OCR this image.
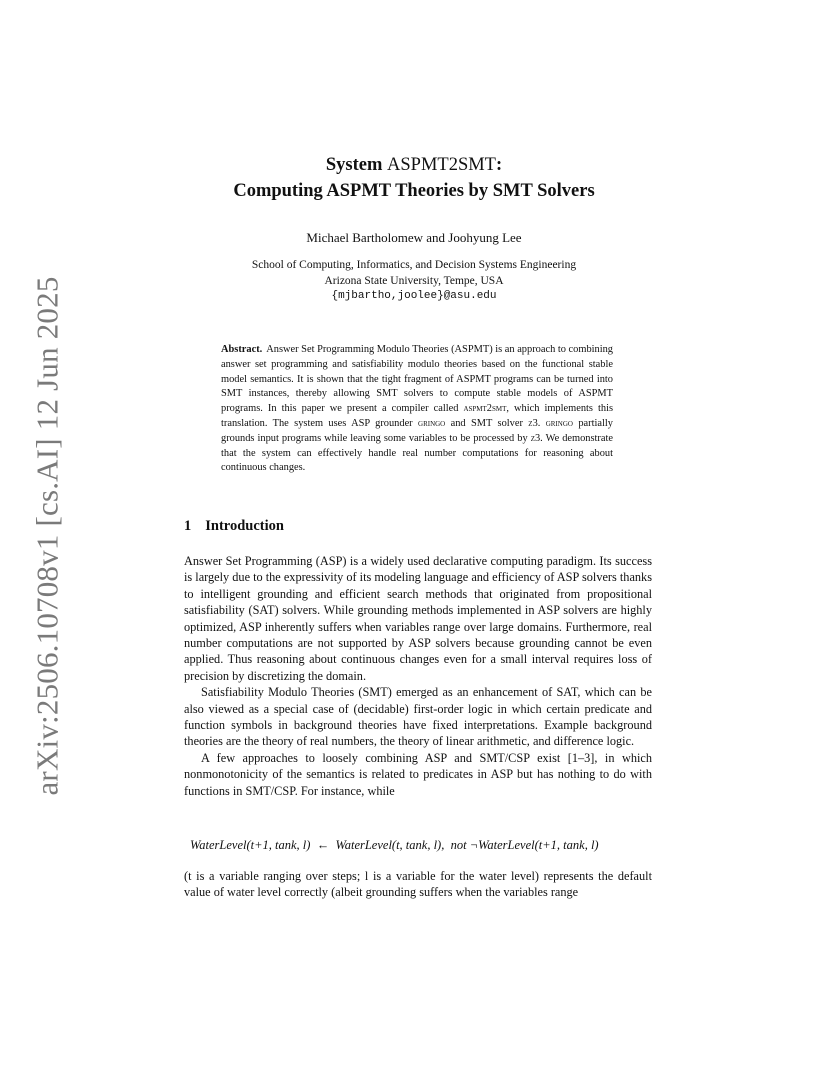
arXiv:2506.10708v1 [cs.AI] 12 Jun 2025
System ASPMT2SMT:
Computing ASPMT Theories by SMT Solvers
Michael Bartholomew and Joohyung Lee
School of Computing, Informatics, and Decision Systems Engineering
Arizona State University, Tempe, USA
{mjbartho,joolee}@asu.edu
Abstract. Answer Set Programming Modulo Theories (ASPMT) is an approach to combining answer set programming and satisfiability modulo theories based on the functional stable model semantics. It is shown that the tight fragment of ASPMT programs can be turned into SMT instances, thereby allowing SMT solvers to compute stable models of ASPMT programs. In this paper we present a compiler called aspmt2smt, which implements this translation. The system uses ASP grounder gringo and SMT solver z3. gringo partially grounds input programs while leaving some variables to be processed by z3. We demonstrate that the system can effectively handle real number computations for reasoning about continuous changes.
1 Introduction

Answer Set Programming (ASP) is a widely used declarative computing paradigm. Its success is largely due to the expressivity of its modeling language and efficiency of ASP solvers thanks to intelligent grounding and efficient search methods that originated from propositional satisfiability (SAT) solvers. While grounding methods implemented in ASP solvers are highly optimized, ASP inherently suffers when variables range over large domains. Furthermore, real number computations are not supported by ASP solvers because grounding cannot be even applied. Thus reasoning about continuous changes even for a small interval requires loss of precision by discretizing the domain.

Satisfiability Modulo Theories (SMT) emerged as an enhancement of SAT, which can be also viewed as a special case of (decidable) first-order logic in which certain predicate and function symbols in background theories have fixed interpretations. Example background theories are the theory of real numbers, the theory of linear arithmetic, and difference logic.

A few approaches to loosely combining ASP and SMT/CSP exist [1–3], in which nonmonotonicity of the semantics is related to predicates in ASP but has nothing to do with functions in SMT/CSP. For instance, while

WaterLevel(t+1, tank, l) ← WaterLevel(t, tank, l), not ¬WaterLevel(t+1, tank, l)

(t is a variable ranging over steps; l is a variable for the water level) represents the default value of water level correctly (albeit grounding suffers when the variables range
